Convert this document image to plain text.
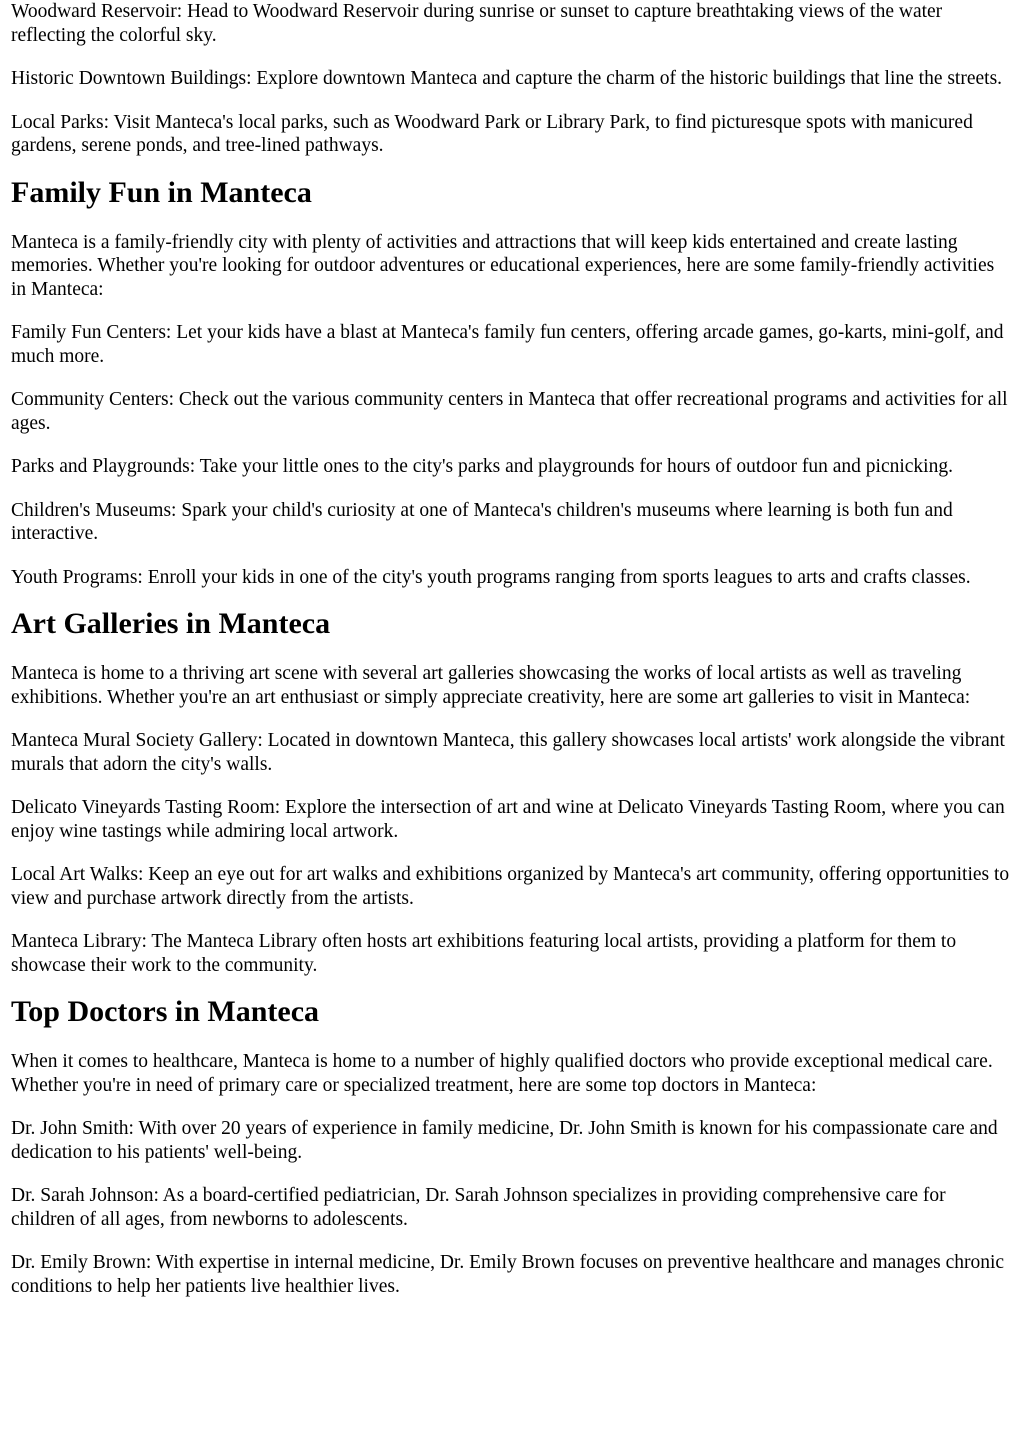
Woodward Reservoir: Head to Woodward Reservoir during sunrise or sunset to capture breathtaking views of the water reflecting the colorful sky.

Historic Downtown Buildings: Explore downtown Manteca and capture the charm of the historic buildings that line the streets.

Local Parks: Visit Manteca's local parks, such as Woodward Park or Library Park, to find picturesque spots with manicured gardens, serene ponds, and tree-lined pathways.

Family Fun in Manteca

Manteca is a family-friendly city with plenty of activities and attractions that will keep kids entertained and create lasting memories. Whether you're looking for outdoor adventures or educational experiences, here are some family-friendly activities in Manteca:

Family Fun Centers: Let your kids have a blast at Manteca's family fun centers, offering arcade games, go-karts, mini-golf, and much more.

Community Centers: Check out the various community centers in Manteca that offer recreational programs and activities for all ages.

Parks and Playgrounds: Take your little ones to the city's parks and playgrounds for hours of outdoor fun and picnicking.

Children's Museums: Spark your child's curiosity at one of Manteca's children's museums where learning is both fun and interactive.

Youth Programs: Enroll your kids in one of the city's youth programs ranging from sports leagues to arts and crafts classes.

Art Galleries in Manteca

Manteca is home to a thriving art scene with several art galleries showcasing the works of local artists as well as traveling exhibitions. Whether you're an art enthusiast or simply appreciate creativity, here are some art galleries to visit in Manteca:

Manteca Mural Society Gallery: Located in downtown Manteca, this gallery showcases local artists' work alongside the vibrant murals that adorn the city's walls.

Delicato Vineyards Tasting Room: Explore the intersection of art and wine at Delicato Vineyards Tasting Room, where you can enjoy wine tastings while admiring local artwork.

Local Art Walks: Keep an eye out for art walks and exhibitions organized by Manteca's art community, offering opportunities to view and purchase artwork directly from the artists.

Manteca Library: The Manteca Library often hosts art exhibitions featuring local artists, providing a platform for them to showcase their work to the community.

Top Doctors in Manteca

When it comes to healthcare, Manteca is home to a number of highly qualified doctors who provide exceptional medical care. Whether you're in need of primary care or specialized treatment, here are some top doctors in Manteca:

Dr. John Smith: With over 20 years of experience in family medicine, Dr. John Smith is known for his compassionate care and dedication to his patients' well-being.

Dr. Sarah Johnson: As a board-certified pediatrician, Dr. Sarah Johnson specializes in providing comprehensive care for children of all ages, from newborns to adolescents.

Dr. Emily Brown: With expertise in internal medicine, Dr. Emily Brown focuses on preventive healthcare and manages chronic conditions to help her patients live healthier lives.
